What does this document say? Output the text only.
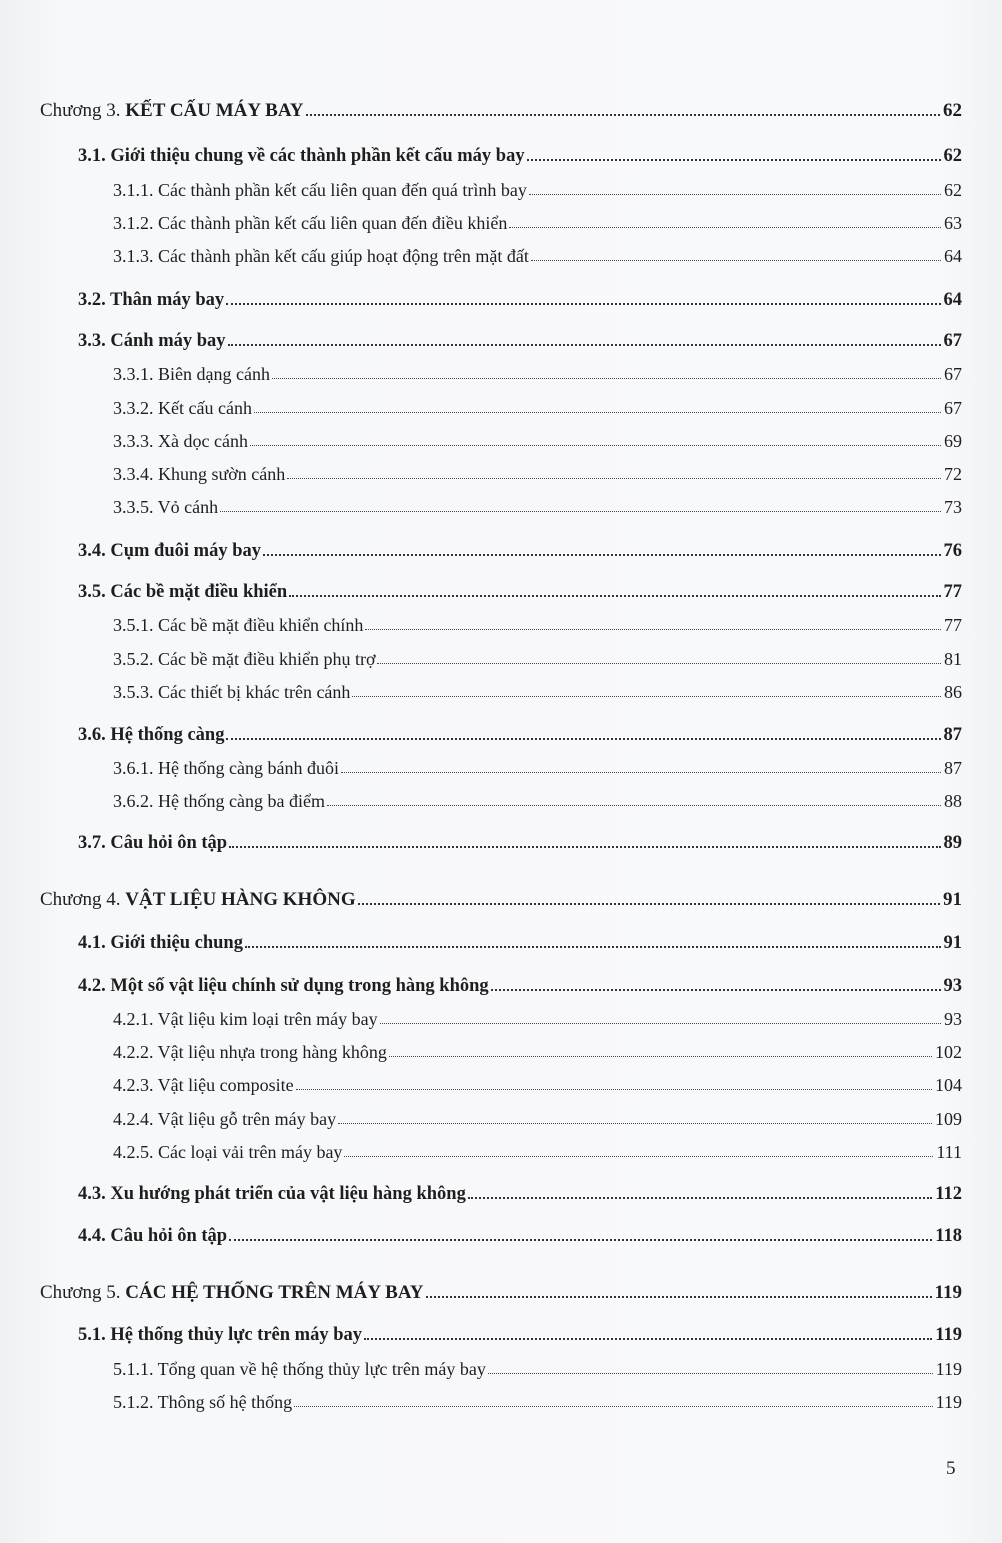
Chương 3. KẾT CẤU MÁY BAY	62
3.1. Giới thiệu chung về các thành phần kết cấu máy bay	62
3.1.1. Các thành phần kết cấu liên quan đến quá trình bay	62
3.1.2. Các thành phần kết cấu liên quan đến điều khiển	63
3.1.3. Các thành phần kết cấu giúp hoạt động trên mặt đất	64
3.2. Thân máy bay	64
3.3. Cánh máy bay	67
3.3.1. Biên dạng cánh	67
3.3.2. Kết cấu cánh	67
3.3.3. Xà dọc cánh	69
3.3.4. Khung sườn cánh	72
3.3.5. Vỏ cánh	73
3.4. Cụm đuôi máy bay	76
3.5. Các bề mặt điều khiển	77
3.5.1. Các bề mặt điều khiển chính	77
3.5.2. Các bề mặt điều khiển phụ trợ	81
3.5.3. Các thiết bị khác trên cánh	86
3.6. Hệ thống càng	87
3.6.1. Hệ thống càng bánh đuôi	87
3.6.2. Hệ thống càng ba điểm	88
3.7. Câu hỏi ôn tập	89
Chương 4. VẬT LIỆU HÀNG KHÔNG	91
4.1. Giới thiệu chung	91
4.2. Một số vật liệu chính sử dụng trong hàng không	93
4.2.1. Vật liệu kim loại trên máy bay	93
4.2.2. Vật liệu nhựa trong hàng không	102
4.2.3. Vật liệu composite	104
4.2.4. Vật liệu gỗ trên máy bay	109
4.2.5. Các loại vải trên máy bay	111
4.3. Xu hướng phát triển của vật liệu hàng không	112
4.4. Câu hỏi ôn tập	118
Chương 5. CÁC HỆ THỐNG TRÊN MÁY BAY	119
5.1. Hệ thống thủy lực trên máy bay	119
5.1.1. Tổng quan về hệ thống thủy lực trên máy bay	119
5.1.2. Thông số hệ thống	119
5
